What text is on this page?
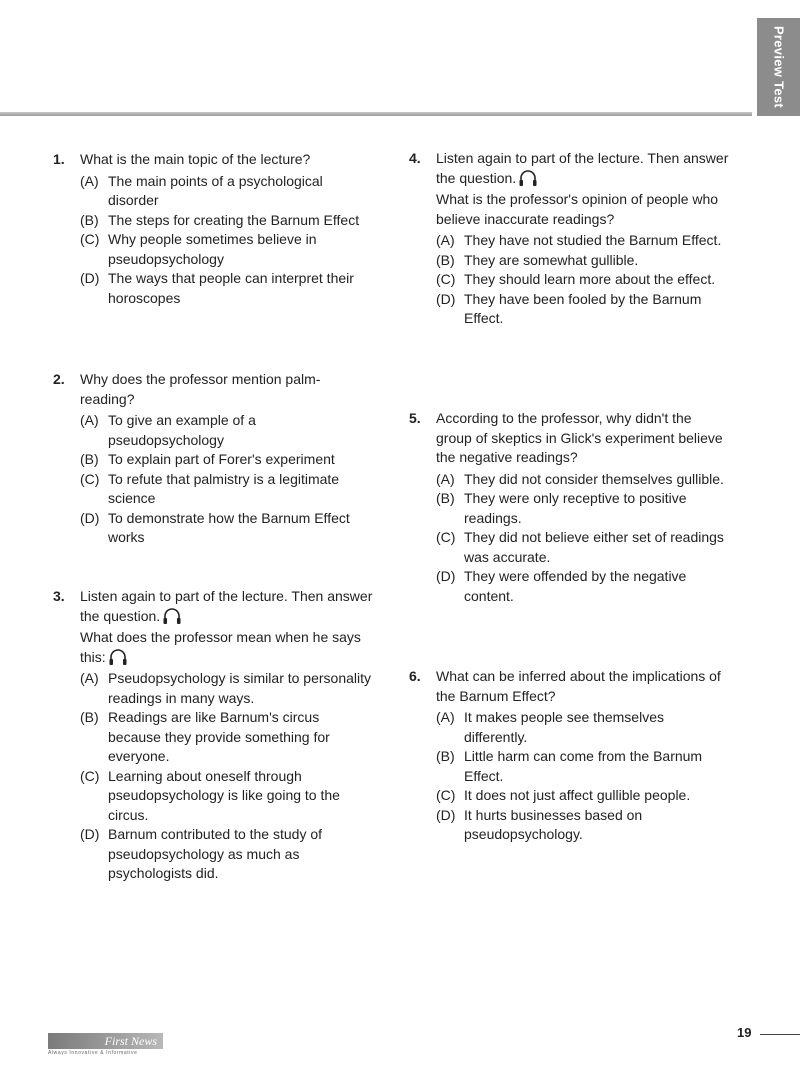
Preview Test
1. What is the main topic of the lecture?

(A) The main points of a psychological disorder
(B) The steps for creating the Barnum Effect
(C) Why people sometimes believe in pseudopsychology
(D) The ways that people can interpret their horoscopes
2. Why does the professor mention palm-reading?

(A) To give an example of a pseudopsychology
(B) To explain part of Forer's experiment
(C) To refute that palmistry is a legitimate science
(D) To demonstrate how the Barnum Effect works
3. Listen again to part of the lecture. Then answer the question.

What does the professor mean when he says this:

(A) Pseudopsychology is similar to personality readings in many ways.
(B) Readings are like Barnum's circus because they provide something for everyone.
(C) Learning about oneself through pseudopsychology is like going to the circus.
(D) Barnum contributed to the study of pseudopsychology as much as psychologists did.
4. Listen again to part of the lecture. Then answer the question.

What is the professor's opinion of people who believe inaccurate readings?

(A) They have not studied the Barnum Effect.
(B) They are somewhat gullible.
(C) They should learn more about the effect.
(D) They have been fooled by the Barnum Effect.
5. According to the professor, why didn't the group of skeptics in Glick's experiment believe the negative readings?

(A) They did not consider themselves gullible.
(B) They were only receptive to positive readings.
(C) They did not believe either set of readings was accurate.
(D) They were offended by the negative content.
6. What can be inferred about the implications of the Barnum Effect?

(A) It makes people see themselves differently.
(B) Little harm can come from the Barnum Effect.
(C) It does not just affect gullible people.
(D) It hurts businesses based on pseudopsychology.
First News
Always Innovative & Informative
19
